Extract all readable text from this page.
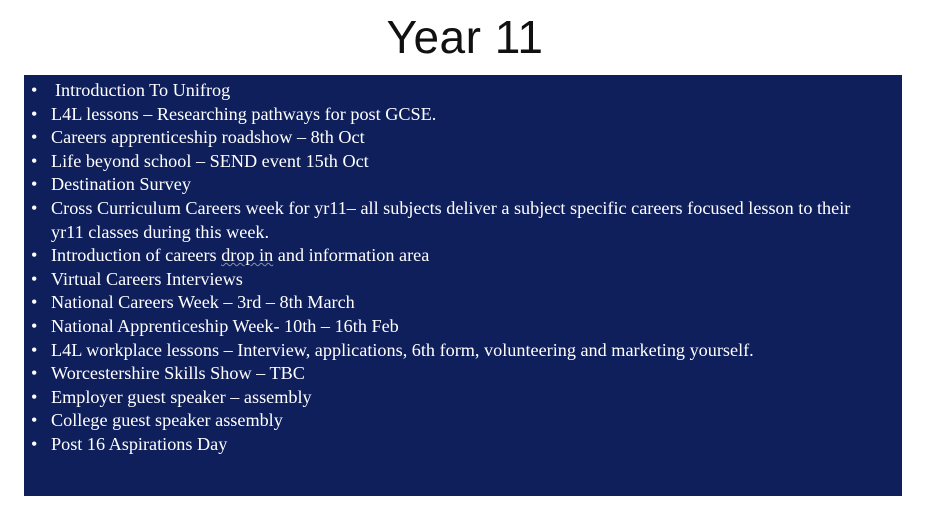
Year 11
• Introduction To Unifrog
• L4L lessons – Researching pathways for post GCSE.
• Careers apprenticeship roadshow – 8th Oct
• Life beyond school – SEND event 15th Oct
• Destination Survey
• Cross Curriculum Careers week for yr11– all subjects deliver a subject specific careers focused lesson to their yr11 classes during this week.
• Introduction of careers drop in and information area
• Virtual Careers Interviews
• National Careers Week – 3rd – 8th March
• National Apprenticeship Week- 10th – 16th Feb
• L4L workplace lessons – Interview, applications, 6th form, volunteering and marketing yourself.
• Worcestershire Skills Show – TBC
• Employer guest speaker – assembly
• College guest speaker assembly
• Post 16 Aspirations Day
